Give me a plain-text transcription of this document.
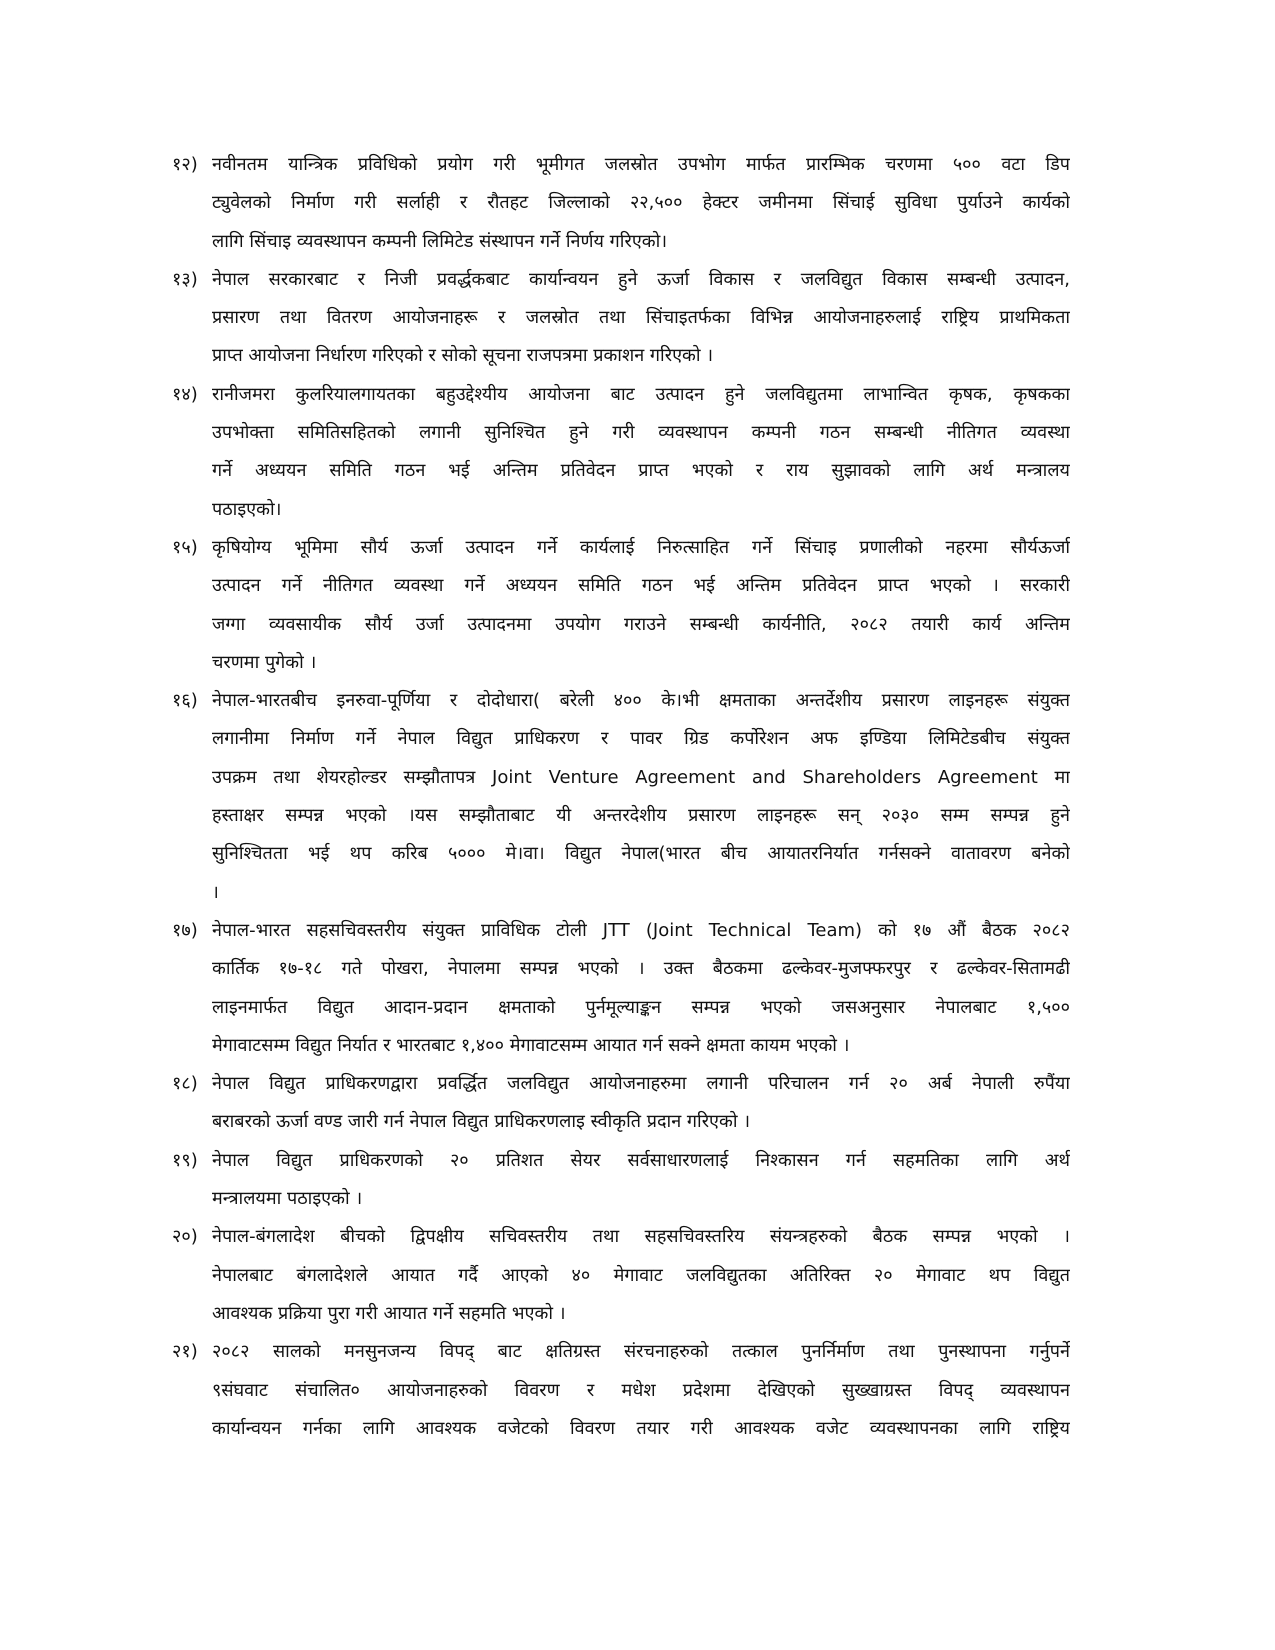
१२) नवीनतम यान्त्रिक प्रविधिको प्रयोग गरी भूमीगत जलस्रोत उपभोग मार्फत प्रारम्भिक चरणमा ५०० वटा डिप
ट्युवेलको निर्माण गरी सर्लाही र रौतहट जिल्लाको २२,५०० हेक्टर जमीनमा सिंचाई सुविधा पुर्याउने कार्यको
लागि सिंचाइ व्यवस्थापन कम्पनी लिमिटेड संस्थापन गर्ने निर्णय गरिएको।
१३) नेपाल सरकारबाट र निजी प्रवर्द्धकबाट कार्यान्वयन हुने ऊर्जा विकास र जलविद्युत विकास सम्बन्धी उत्पादन,
प्रसारण तथा वितरण आयोजनाहरू र जलस्रोत तथा सिंचाइतर्फका विभिन्न आयोजनाहरुलाई राष्ट्रिय प्राथमिकता
प्राप्त आयोजना निर्धारण गरिएको र सोको सूचना राजपत्रमा प्रकाशन गरिएको ।
१४) रानीजमरा कुलरियालगायतका बहुउद्देश्यीय आयोजना बाट उत्पादन हुने जलविद्युतमा लाभान्वित कृषक, कृषकका
उपभोक्ता समितिसहितको लगानी सुनिश्चित हुने गरी व्यवस्थापन कम्पनी गठन सम्बन्धी नीतिगत व्यवस्था
गर्ने अध्ययन समिति गठन भई अन्तिम प्रतिवेदन प्राप्त भएको र राय सुझावको लागि अर्थ मन्त्रालय
पठाइएको।
१५) कृषियोग्य भूमिमा सौर्य ऊर्जा उत्पादन गर्ने कार्यलाई निरुत्साहित गर्ने सिंचाइ प्रणालीको नहरमा सौर्यऊर्जा
उत्पादन गर्ने नीतिगत व्यवस्था गर्ने अध्ययन समिति गठन भई अन्तिम प्रतिवेदन प्राप्त भएको । सरकारी
जग्गा व्यवसायीक सौर्य उर्जा उत्पादनमा उपयोग गराउने सम्बन्धी कार्यनीति, २०८२ तयारी कार्य अन्तिम
चरणमा पुगेको ।
१६) नेपाल-भारतबीच इनरुवा-पूर्णिया र दोदोधारा( बरेली ४०० के।भी क्षमताका अन्तर्देशीय प्रसारण लाइनहरू संयुक्त
लगानीमा निर्माण गर्ने नेपाल विद्युत प्राधिकरण र पावर ग्रिड कर्पोरेशन अफ इण्डिया लिमिटेडबीच संयुक्त
उपक्रम तथा शेयरहोल्डर सम्झौतापत्र Joint Venture Agreement and Shareholders Agreement मा
हस्ताक्षर सम्पन्न भएको ।यस सम्झौताबाट यी अन्तरदेशीय प्रसारण लाइनहरू सन् २०३० सम्म सम्पन्न हुने
सुनिश्चितता भई थप करिब ५००० मे।वा। विद्युत नेपाल(भारत बीच आयातरनिर्यात गर्नसक्ने वातावरण बनेको
।
१७) नेपाल-भारत सहसचिवस्तरीय संयुक्त प्राविधिक टोली JTT (Joint Technical Team) को १७ औं बैठक २०८२
कार्तिक १७-१८ गते पोखरा, नेपालमा सम्पन्न भएको । उक्त बैठकमा ढल्केवर-मुजफ्फरपुर र ढल्केवर-सितामढी
लाइनमार्फत विद्युत आदान-प्रदान क्षमताको पुर्नमूल्याङ्कन सम्पन्न भएको जसअनुसार नेपालबाट १,५००
मेगावाटसम्म विद्युत निर्यात र भारतबाट १,४०० मेगावाटसम्म आयात गर्न सक्ने क्षमता कायम भएको ।
१८) नेपाल विद्युत प्राधिकरणद्वारा प्रवर्द्धित जलविद्युत आयोजनाहरुमा लगानी परिचालन गर्न २० अर्ब नेपाली रुपैंया
बराबरको ऊर्जा वण्ड जारी गर्न नेपाल विद्युत प्राधिकरणलाइ स्वीकृति प्रदान गरिएको ।
१९) नेपाल विद्युत प्राधिकरणको २० प्रतिशत सेयर सर्वसाधारणलाई निश्कासन गर्न सहमतिका लागि अर्थ
मन्त्रालयमा पठाइएको ।
२०) नेपाल-बंगलादेश बीचको द्विपक्षीय सचिवस्तरीय तथा सहसचिवस्तरिय संयन्त्रहरुको बैठक सम्पन्न भएको ।
नेपालबाट बंगलादेशले आयात गर्दै आएको ४० मेगावाट जलविद्युतका अतिरिक्त २० मेगावाट थप विद्युत
आवश्यक प्रक्रिया पुरा गरी आयात गर्ने सहमति भएको ।
२१) २०८२ सालको मनसुनजन्य विपद् बाट क्षतिग्रस्त संरचनाहरुको तत्काल पुनर्निर्माण तथा पुनस्थापना गर्नुपर्ने
९संघवाट संचालित० आयोजनाहरुको विवरण र मधेश प्रदेशमा देखिएको सुख्खाग्रस्त विपद् व्यवस्थापन
कार्यान्वयन गर्नका लागि आवश्यक वजेटको विवरण तयार गरी आवश्यक वजेट व्यवस्थापनका लागि राष्ट्रिय
